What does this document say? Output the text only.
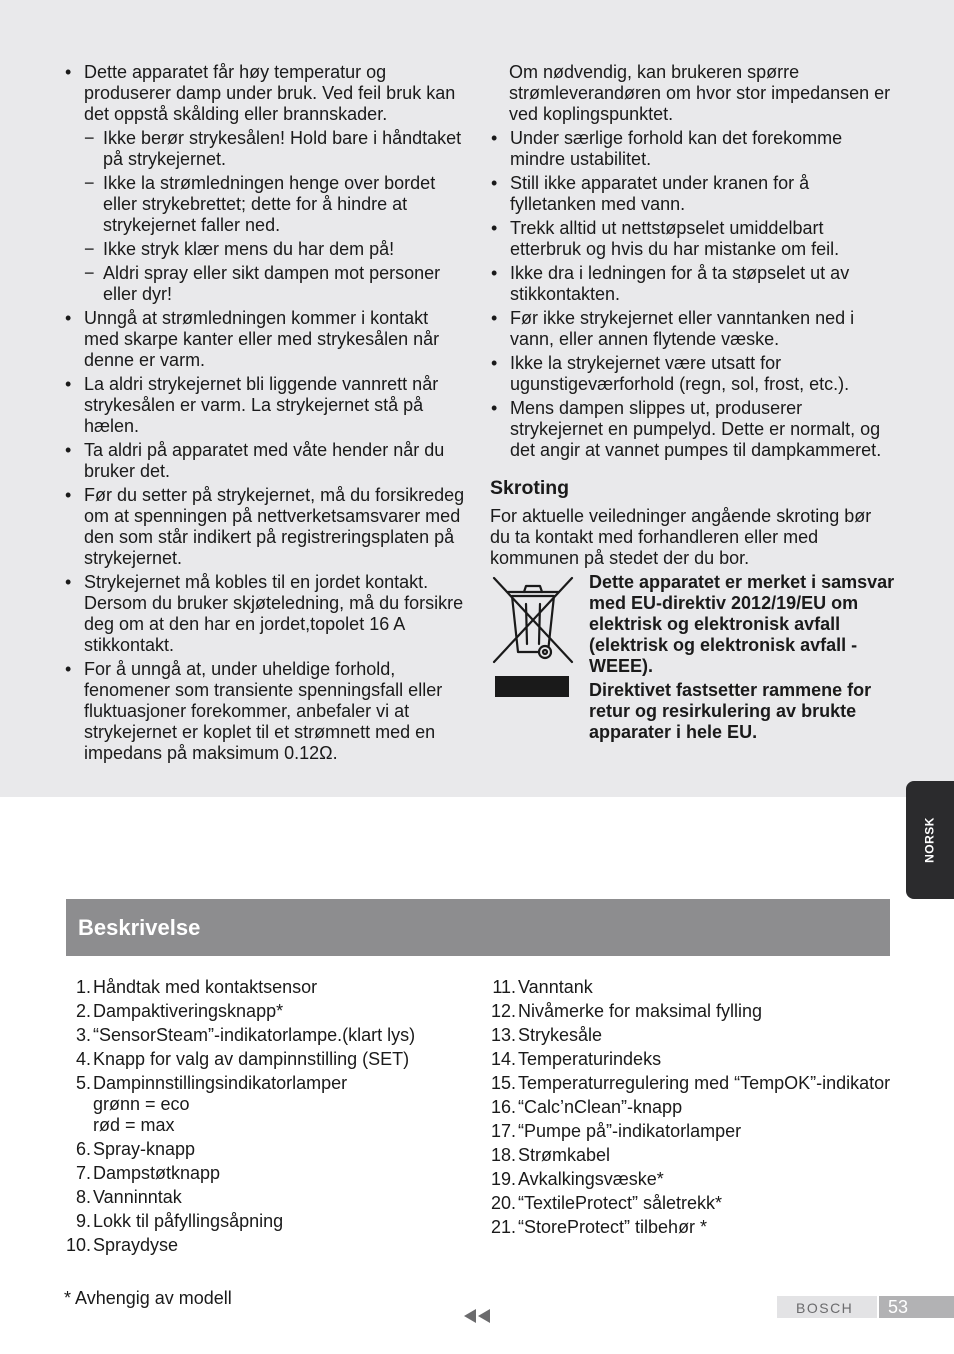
• Dette apparatet får høy temperatur og produserer damp under bruk. Ved feil bruk kan det oppstå skålding eller brannskader.
− Ikke berør strykesålen! Hold bare i håndtaket på strykejernet.
− Ikke la strømledningen henge over bordet eller strykebrettet; dette for å hindre at strykejernet faller ned.
− Ikke stryk klær mens du har dem på!
− Aldri spray eller sikt dampen mot personer eller dyr!
• Unngå at strømledningen kommer i kontakt med skarpe kanter eller med strykesålen når denne er varm.
• La aldri strykejernet bli liggende vannrett når strykesålen er varm. La strykejernet stå på hælen.
• Ta aldri på apparatet med våte hender når du bruker det.
• Før du setter på strykejernet, må du forsikredeg om at spenningen på nettverketsamsvarer med den som står indikert på registreringsplaten på strykejernet.
• Strykejernet må kobles til en jordet kontakt. Dersom du bruker skjøteledning, må du forsikre deg om at den har en jordet,topolet 16 A stikkontakt.
• For å unngå at, under uheldige forhold, fenomener som transiente spenningsfall eller fluktuasjoner forekommer, anbefaler vi at strykejernet er koplet til et strømnett med en impedans på maksimum 0.12Ω.

Om nødvendig, kan brukeren spørre strømleverandøren om hvor stor impedansen er ved koplingspunktet.

• Under særlige forhold kan det forekomme mindre ustabilitet.
• Still ikke apparatet under kranen for å fylletanken med vann.
• Trekk alltid ut nettstøpselet umiddelbart etterbruk og hvis du har mistanke om feil.
• Ikke dra i ledningen for å ta støpselet ut av stikkontakten.
• Før ikke strykejernet eller vanntanken ned i vann, eller annen flytende væske.
• Ikke la strykejernet være utsatt for ugunstigeværforhold (regn, sol, frost, etc.).
• Mens dampen slippes ut, produserer strykejernet en pumpelyd. Dette er normalt, og det angir at vannet pumpes til dampkammeret.
Skroting

For aktuelle veiledninger angående skroting bør du ta kontakt med forhandleren eller med kommunen på stedet der du bor.

Dette apparatet er merket i samsvar med EU-direktiv 2012/19/EU om elektrisk og elektronisk avfall (elektrisk og elektronisk avfall - WEEE).

Direktivet fastsetter rammene for retur og resirkulering av brukte apparater i hele EU.

NORSK
Beskrivelse
1. Håndtak med kontaktsensor
2. Dampaktiveringsknapp*
3. “SensorSteam”-indikatorlampe.(klart lys)
4. Knapp for valg av dampinnstilling (SET)
5. Dampinnstillingsindikatorlamper
grønn = eco
rød = max
6. Spray-knapp
7. Dampstøtknapp
8. Vanninntak
9. Lokk til påfyllingsåpning
10. Spraydyse
11. Vanntank
12. Nivåmerke for maksimal fylling
13. Strykesåle
14. Temperaturindeks
15. Temperaturregulering med “TempOK”-indikator
16. “Calc’nClean”-knapp
17. “Pumpe på”-indikatorlamper
18. Strømkabel
19. Avkalkingsvæske*
20. “TextileProtect” såletrekk*
21. “StoreProtect” tilbehør *

* Avhengig av modell	BOSCH 53
